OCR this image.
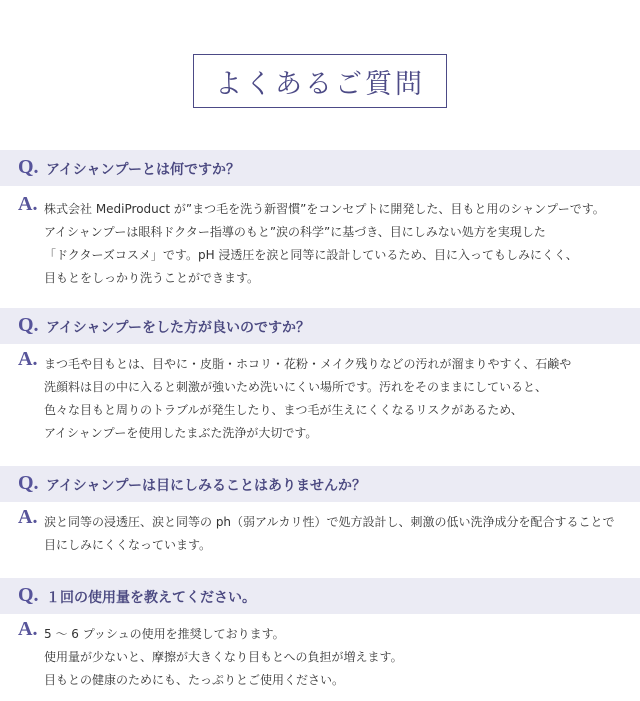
よくあるご質問
Q. アイシャンプーとは何ですか？
A. 株式会社 MediProduct が”まつ毛を洗う新習慣”をコンセプトに開発した、目もと用のシャンプーです。
アイシャンプーは眼科ドクター指導のもと”涙の科学”に基づき、目にしみない処方を実現した
「ドクターズコスメ」です。pH 浸透圧を涙と同等に設計しているため、目に入ってもしみにくく、
目もとをしっかり洗うことができます。
Q. アイシャンプーをした方が良いのですか？
A. まつ毛や目もとは、目やに・皮脂・ホコリ・花粉・メイク残りなどの汚れが溜まりやすく、石鹸や
洗顔料は目の中に入ると刺激が強いため洗いにくい場所です。汚れをそのままにしていると、
色々な目もと周りのトラブルが発生したり、まつ毛が生えにくくなるリスクがあるため、
アイシャンプーを使用したまぶた洗浄が大切です。
Q. アイシャンプーは目にしみることはありませんか？
A. 涙と同等の浸透圧、涙と同等の ph（弱アルカリ性）で処方設計し、刺激の低い洗浄成分を配合することで
目にしみにくくなっています。
Q. １回の使用量を教えてください。
A. 5 ～ 6 プッシュの使用を推奨しております。
使用量が少ないと、摩擦が大きくなり目もとへの負担が増えます。
目もとの健康のためにも、たっぷりとご使用ください。
